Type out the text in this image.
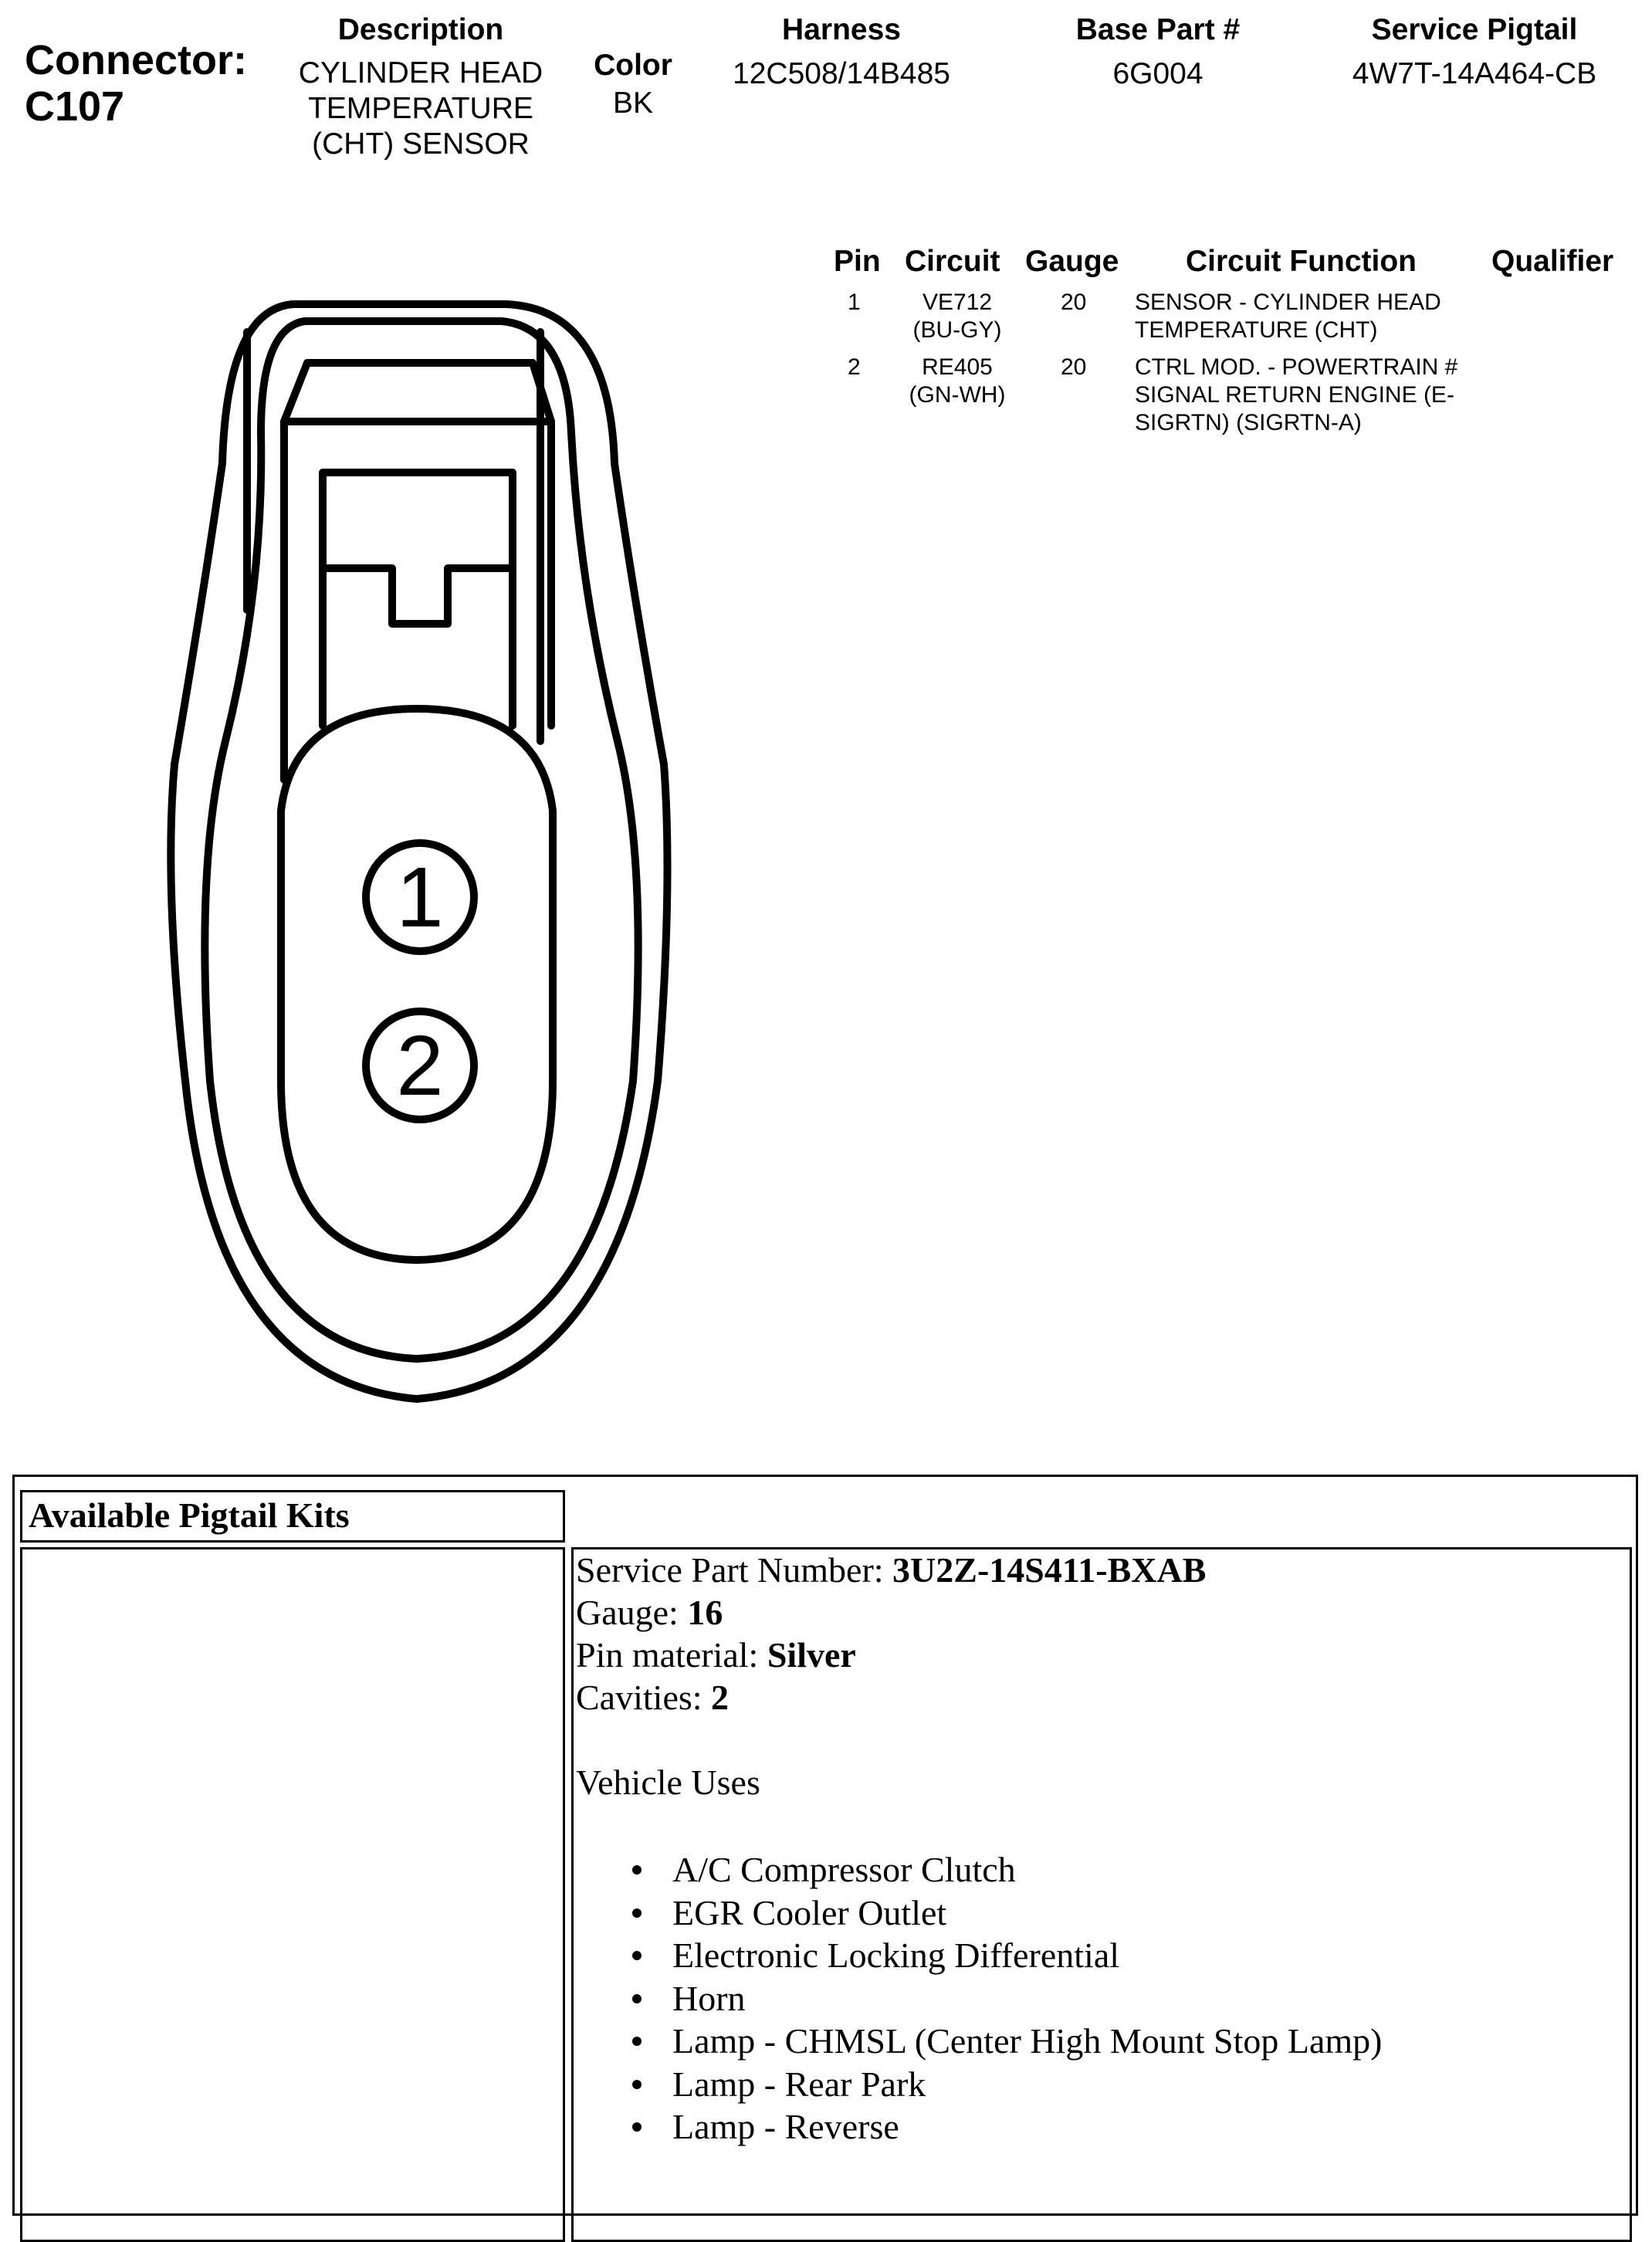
Connector:
C107
Description
CYLINDER HEAD
TEMPERATURE
(CHT) SENSOR
Color
BK
Harness
12C508/14B485
Base Part #
6G004
Service Pigtail
4W7T-14A464-CB
Pin Circuit Gauge Circuit Function Qualifier
1	VE712
(BU-GY)
20 SENSOR - CYLINDER HEAD
TEMPERATURE (CHT)
2	RE405
(GN-WH)
20 CTRL MOD. - POWERTRAIN #
SIGNAL RETURN ENGINE (E-
SIGRTN) (SIGRTN-A)
1
2
Available Pigtail Kits
Service Part Number: 3U2Z-14S411-BXAB
Gauge: 16
Pin material: Silver
Cavities: 2
Vehicle Uses
A/C Compressor Clutch
EGR Cooler Outlet
Electronic Locking Differential
Horn
Lamp - CHMSL (Center High Mount Stop Lamp)
Lamp - Rear Park
Lamp - Reverse
